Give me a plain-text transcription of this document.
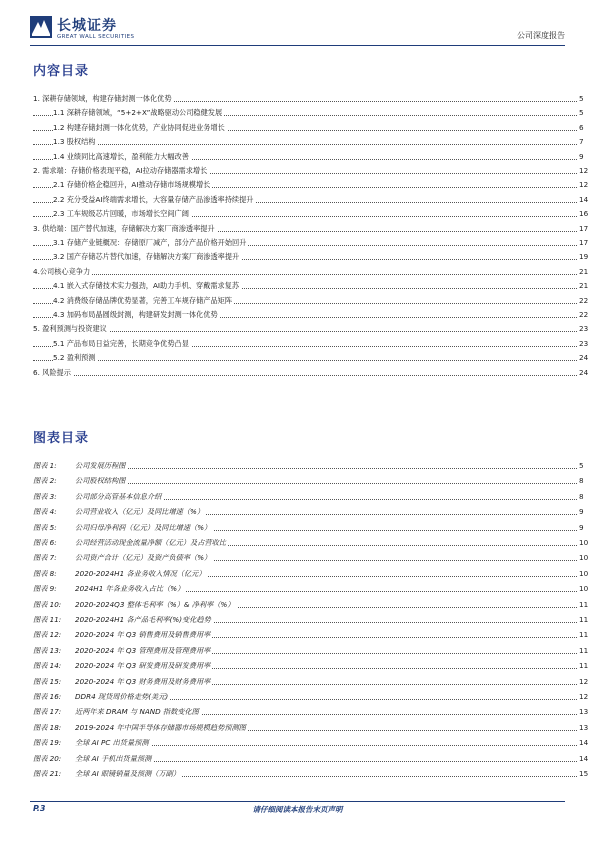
长城证券
GREAT WALL SECURITIES	公司深度报告
内容目录
1. 深耕存储领域，构建存储封测一体化优势	5
1.1 深耕存储领域，“5+2+X”战略驱动公司稳健发展	5
1.2 构建存储封测一体化优势，产业协同促进业务增长	6
1.3 股权结构	7
1.4 业绩同比高速增长，盈利能力大幅改善	9
2. 需求端：存储价格表现平稳，AI拉动存储器需求增长	12
2.1 存储价格企稳回升，AI推动存储市场规模增长	12
2.2 充分受益AI终端需求增长，大容量存储产品渗透率持续提升	14
2.3 工车规级芯片回暖，市场增长空间广阔	16
3. 供给端：国产替代加速，存储解决方案厂商渗透率提升	17
3.1 存储产业链概况：存储原厂减产，部分产品价格开始回升	17
3.2 国产存储芯片替代加速，存储解决方案厂商渗透率提升	19
4.公司核心竞争力	21
4.1 嵌入式存储技术实力强劲，AI助力手机、穿戴需求复苏	21
4.2 消费级存储品牌优势显著，完善工车规存储产品矩阵	22
4.3 加码布局晶圆级封测，构建研发封测一体化优势	22
5. 盈利预测与投资建议	23
5.1 产品布局日益完善，长期竞争优势凸显	23
5.2 盈利预测	24
6. 风险提示	24
图表目录
图表 1:	公司发展历程图	5
图表 2:	公司股权结构图	8
图表 3:	公司部分高管基本信息介绍	8
图表 4:	公司营业收入（亿元）及同比增速（%）	9
图表 5:	公司归母净利润（亿元）及同比增速（%）	9
图表 6:	公司经营活动现金流量净额（亿元）及占营收比	10
图表 7:	公司资产合计（亿元）及资产负债率（%）	10
图表 8:	2020-2024H1 各业务收入情况（亿元）	10
图表 9:	2024H1 年各业务收入占比（%）	10
图表 10: 2020-2024Q3 整体毛利率（%）& 净利率（%）	11
图表 11: 2020-2024H1 各产品毛利率(%)变化趋势	11
图表 12: 2020-2024 年 Q3 销售费用及销售费用率	11
图表 13: 2020-2024 年 Q3 管理费用及管理费用率	11
图表 14: 2020-2024 年 Q3 研发费用及研发费用率	11
图表 15: 2020-2024 年 Q3 财务费用及财务费用率	12
图表 16: DDR4 现货周价格走势(美元)	12
图表 17: 近两年来 DRAM 与 NAND 指数变化图	13
图表 18: 2019-2024 年中国半导体存储器市场规模趋势预测图	13
图表 19: 全球 AI PC 出货量预测	14
图表 20: 全球 AI 手机出货量预测	14
图表 21: 全球 AI 眼镜销量及预测（万副）	15
P.3	请仔细阅读本报告末页声明
